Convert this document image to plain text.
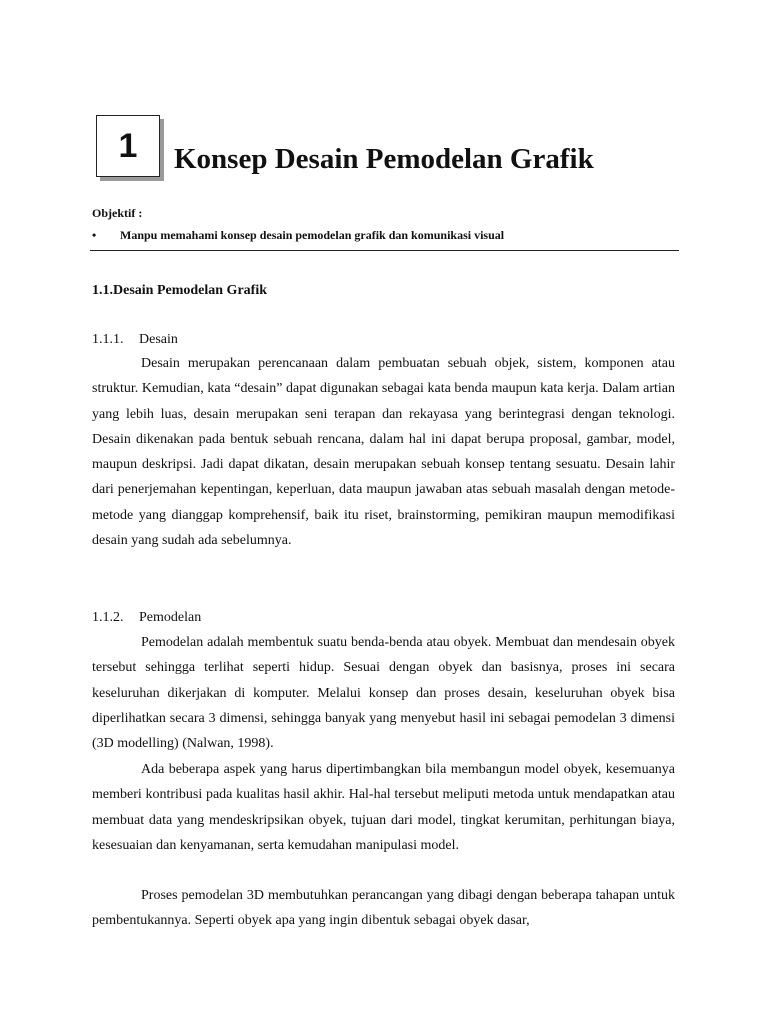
1 Konsep Desain Pemodelan Grafik
Objektif :
• Manpu memahami konsep desain pemodelan grafik dan komunikasi visual
1.1.Desain Pemodelan Grafik
1.1.1. Desain

Desain merupakan perencanaan dalam pembuatan sebuah objek, sistem, komponen atau struktur. Kemudian, kata “desain” dapat digunakan sebagai kata benda maupun kata kerja. Dalam artian yang lebih luas, desain merupakan seni terapan dan rekayasa yang berintegrasi dengan teknologi. Desain dikenakan pada bentuk sebuah rencana, dalam hal ini dapat berupa proposal, gambar, model, maupun deskripsi. Jadi dapat dikatan, desain merupakan sebuah konsep tentang sesuatu. Desain lahir dari penerjemahan kepentingan, keperluan, data maupun jawaban atas sebuah masalah dengan metode-metode yang dianggap komprehensif, baik itu riset, brainstorming, pemikiran maupun memodifikasi desain yang sudah ada sebelumnya.

1.1.2. Pemodelan

Pemodelan adalah membentuk suatu benda-benda atau obyek. Membuat dan mendesain obyek tersebut sehingga terlihat seperti hidup. Sesuai dengan obyek dan basisnya, proses ini secara keseluruhan dikerjakan di komputer. Melalui konsep dan proses desain, keseluruhan obyek bisa diperlihatkan secara 3 dimensi, sehingga banyak yang menyebut hasil ini sebagai pemodelan 3 dimensi (3D modelling) (Nalwan, 1998).

Ada beberapa aspek yang harus dipertimbangkan bila membangun model obyek, kesemuanya memberi kontribusi pada kualitas hasil akhir. Hal-hal tersebut meliputi metoda untuk mendapatkan atau membuat data yang mendeskripsikan obyek, tujuan dari model, tingkat kerumitan, perhitungan biaya, kesesuaian dan kenyamanan, serta kemudahan manipulasi model.

Proses pemodelan 3D membutuhkan perancangan yang dibagi dengan beberapa tahapan untuk pembentukannya. Seperti obyek apa yang ingin dibentuk sebagai obyek dasar,
